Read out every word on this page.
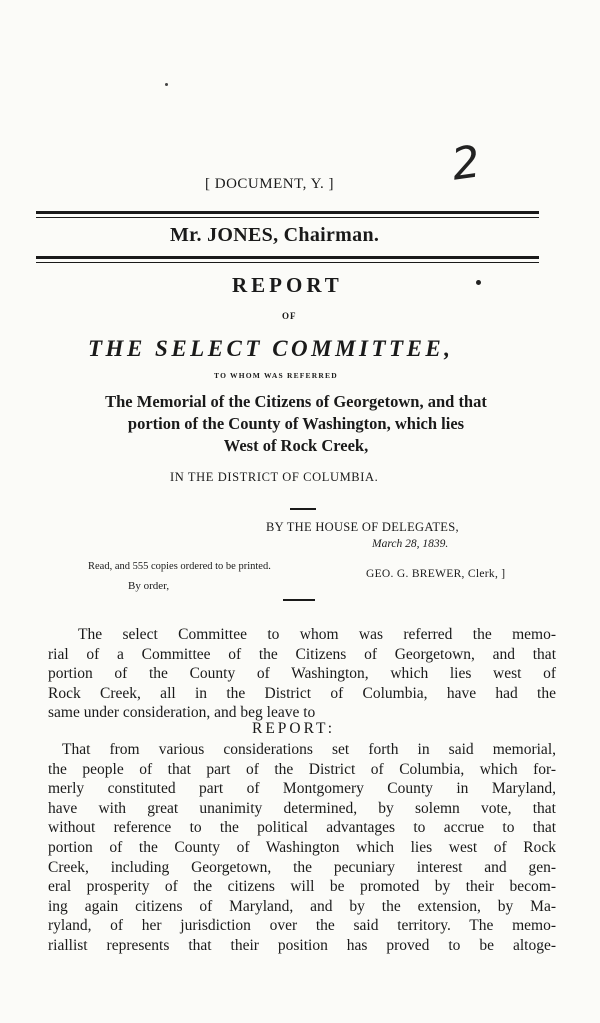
[ DOCUMENT, Y. ]	2
Mr. JONES, Chairman.
REPORT
OF
THE SELECT COMMITTEE,
TO WHOM WAS REFERRED
The Memorial of the Citizens of Georgetown, and that
portion of the County of Washington, which lies
West of Rock Creek,
IN THE DISTRICT OF COLUMBIA.
BY THE HOUSE OF DELEGATES,
March 28, 1839.
Read, and 555 copies ordered to be printed.
By order,
GEO. G. BREWER, Clerk, ]
The select Committee to whom was referred the memo-
rial of a Committee of the Citizens of Georgetown, and that
portion of the County of Washington, which lies west of
Rock Creek, all in the District of Columbia, have had the
same under consideration, and beg leave to
REPORT:
That from various considerations set forth in said memorial,
the people of that part of the District of Columbia, which for-
merly constituted part of Montgomery County in Maryland,
have with great unanimity determined, by solemn vote, that
without reference to the political advantages to accrue to that
portion of the County of Washington which lies west of Rock
Creek, including Georgetown, the pecuniary interest and gen-
eral prosperity of the citizens will be promoted by their becom-
ing again citizens of Maryland, and by the extension, by Ma-
ryland, of her jurisdiction over the said territory. The memo-
riallist represents that their position has proved to be altoge-
